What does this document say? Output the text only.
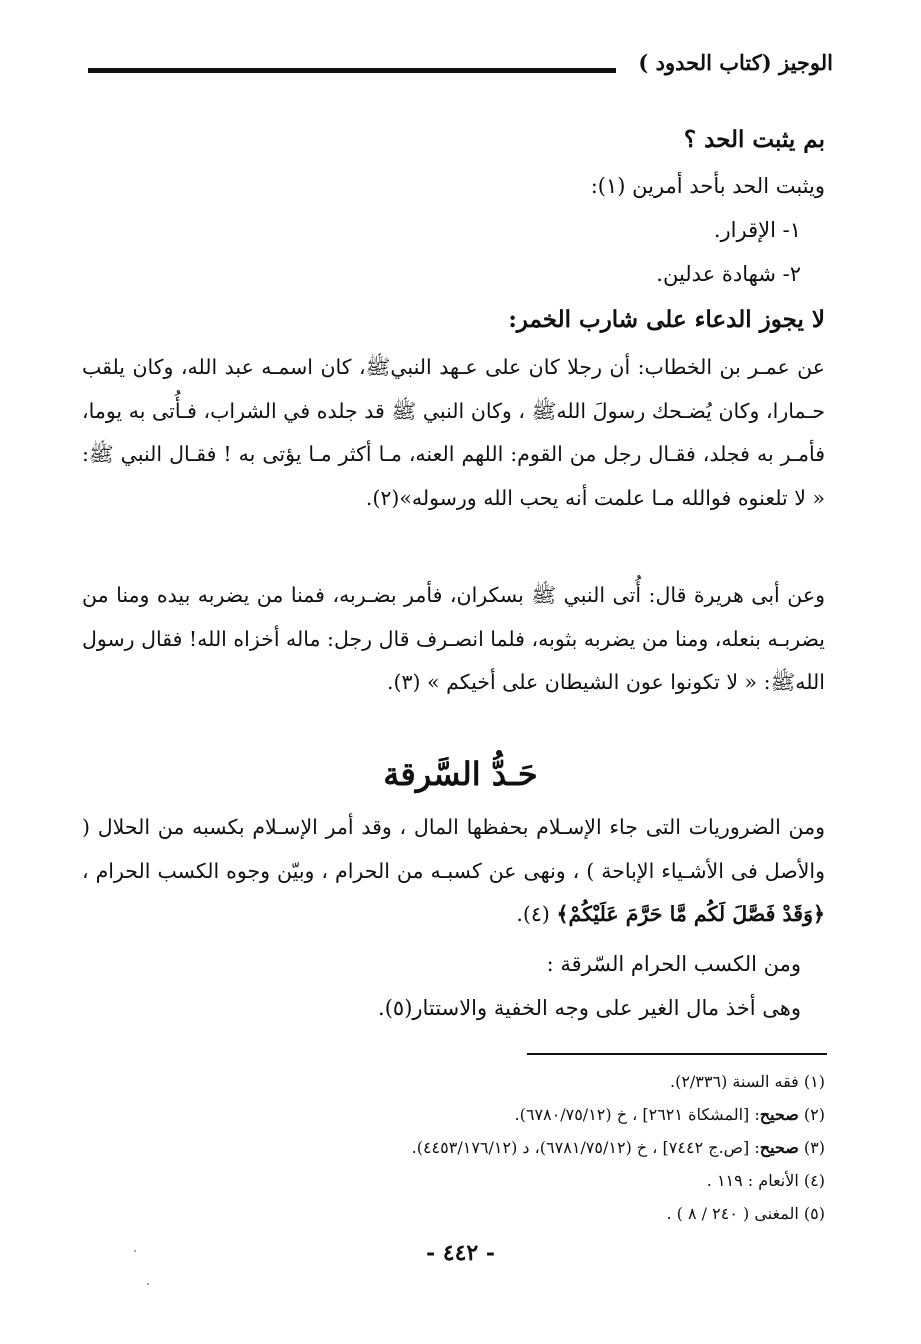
الوجيز (كتاب الحدود )
بم يثبت الحد ؟
ويثبت الحد بأحد أمرين (١):
١- الإقرار.
٢- شهادة عدلين.
لا يجوز الدعاء على شارب الخمر:
عن عمـر بن الخطاب: أن رجلا كان على عـهد النبيﷺ، كان اسمـه عبد الله، وكان يلقب حـمارا، وكان يُضـحك رسولَ اللهﷺ ، وكان النبي ﷺ قد جلده في الشراب، فـأُتى به يوما، فأمـر به فجلد، فقـال رجل من القوم: اللهم العنه، مـا أكثر مـا يؤتى به ! فقـال النبي ﷺ: « لا تلعنوه فوالله مـا علمت أنه يحب الله ورسوله»(٢).
وعن أبى هريرة قال: أُتى النبي ﷺ بسكران، فأمر بضـربه، فمنا من يضربه بيده ومنا من يضربـه بنعله، ومنا من يضربه بثوبه، فلما انصـرف قال رجل: ماله أخزاه الله! فقال رسول اللهﷺ: « لا تكونوا عون الشيطان على أخيكم » (٣).
حَـدُّ السَّرقة
ومن الضروريات التى جاء الإسـلام بحفظها المال ، وقد أمر الإسـلام بكسبه من الحلال ( والأصل فى الأشـياء الإباحة ) ، ونهى عن كسبـه من الحرام ، وبيّن وجوه الكسب الحرام ، ﴿وَقَدْ فَصَّلَ لَكُم مَّا حَرَّمَ عَلَيْكُمْ﴾ (٤).
ومن الكسب الحرام السّرقة :
وهى أخذ مال الغير على وجه الخفية والاستتار(٥).
(١) فقه السنة (٢/٣٣٦).
(٢) صحيح: [المشكاة ٢٦٢١] ، خ (٦٧٨٠/٧٥/١٢).
(٣) صحيح: [ص.ج ٧٤٤٢] ، خ (٦٧٨١/٧٥/١٢)، د (٤٤٥٣/١٧٦/١٢).
(٤) الأنعام : ١١٩ .
(٥) المغنى ( ٢٤٠ / ٨ ) .
- ٤٤٢ -
